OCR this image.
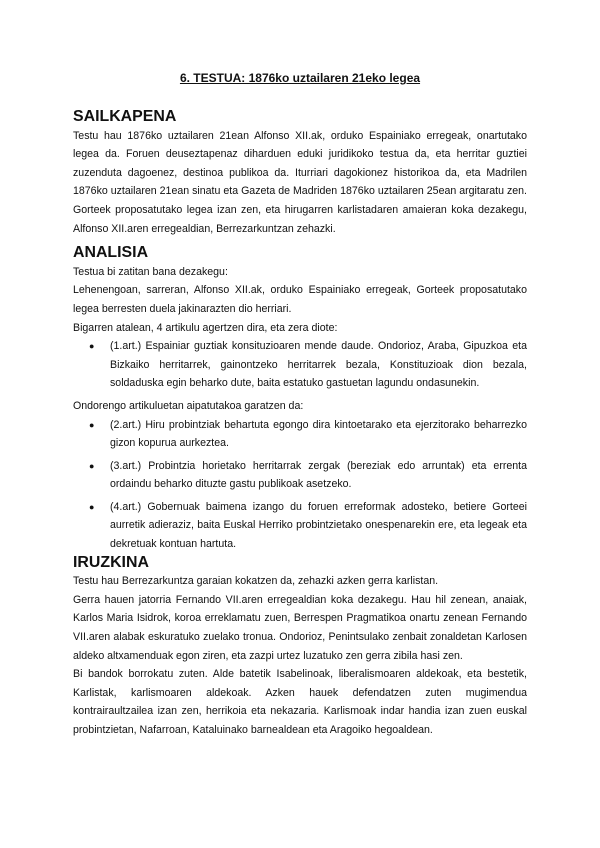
6. TESTUA: 1876ko uztailaren 21eko legea
SAILKAPENA

Testu hau 1876ko uztailaren 21ean Alfonso XII.ak, orduko Espainiako erregeak, onartutako legea da. Foruen deuseztapenaz diharduen eduki juridikoko testua da, eta herritar guztiei zuzenduta dagoenez, destinoa publikoa da. Iturriari dagokionez historikoa da, eta Madrilen 1876ko uztailaren 21ean sinatu eta Gazeta de Madriden 1876ko uztailaren 25ean argitaratu zen. Gorteek proposatutako legea izan zen, eta hirugarren karlistadaren amaieran koka dezakegu, Alfonso XII.aren erregealdian, Berrezarkuntzan zehazki.

ANALISIA

Testua bi zatitan bana dezakegu:

Lehenengoan, sarreran, Alfonso XII.ak, orduko Espainiako erregeak, Gorteek proposatutako legea berresten duela jakinarazten dio herriari.

Bigarren atalean, 4 artikulu agertzen dira, eta zera diote:

● (1.art.) Espainiar guztiak konsituzioaren mende daude. Ondorioz, Araba, Gipuzkoa eta Bizkaiko herritarrek, gainontzeko herritarrek bezala, Konstituzioak dion bezala, soldaduska egin beharko dute, baita estatuko gastuetan lagundu ondasunekin.

Ondorengo artikuluetan aipatutakoa garatzen da:

● (2.art.) Hiru probintziak behartuta egongo dira kintoetarako eta ejerzitorako beharrezko gizon kopurua aurkezteа.
● (3.art.) Probintzia horietako herritarrak zergak (bereziak edo arruntak) eta errenta ordaindu beharko dituzte gastu publikoak asetzeko.
● (4.art.) Gobernuak baimena izango du foruen erreformak adosteko, betiere Gorteei aurretik adieraziz, baita Euskal Herriko probintzietako onespenarekin ere, eta legeak eta dekretuak kontuan hartuta.
IRUZKINA

Testu hau Berrezarkuntza garaian kokatzen da, zehazki azken gerra karlistan.

Gerra hauen jatorria Fernando VII.aren erregealdian koka dezakegu. Hau hil zenean, anaiak, Karlos Maria Isidrok, koroa erreklamatu zuen, Berrespen Pragmatikoa onartu zenean Fernando VII.aren alabak eskuratuko zuelako tronua. Ondorioz, Penintsulako zenbait zonaldetan Karlosen aldeko altxamenduak egon ziren, eta zazpi urtez luzatuko zen gerra zibila hasi zen.

Bi bandok borrokatu zuten. Alde batetik Isabelinoak, liberalismoaren aldekoak, eta bestetik, Karlistak, karlismoaren aldekoak. Azken hauek defendatzen zuten mugimendua kontrairaultzailea izan zen, herrikoia eta nekazaria. Karlismoak indar handia izan zuen euskal probintzietan, Nafarroan, Kataluinako barnealdean eta Aragoiko hegoaldean.
